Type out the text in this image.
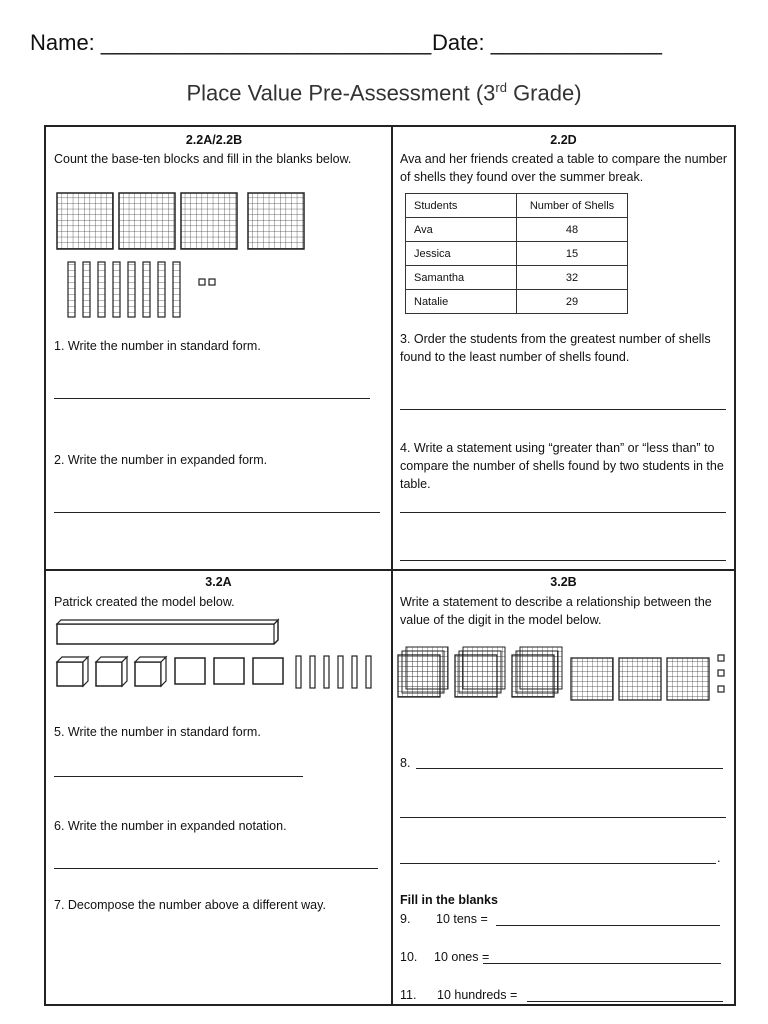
Name: ___________________________ Date: ______________
Place Value Pre-Assessment (3rd Grade)
2.2A/2.2B
Count the base-ten blocks and fill in the blanks below.
1. Write the number in standard form.
2. Write the number in expanded form.
2.2D
Ava and her friends created a table to compare the number of shells they found over the summer break.
Students	Number of Shells
Ava	48
Jessica	15
Samantha	32
Natalie	29
3. Order the students from the greatest number of shells found to the least number of shells found.
4. Write a statement using “greater than” or “less than” to compare the number of shells found by two students in the table.
3.2A
Patrick created the model below.
5. Write the number in standard form.
6. Write the number in expanded notation.
7. Decompose the number above a different way.
3.2B
Write a statement to describe a relationship between the value of the digit in the model below.
8.
.
Fill in the blanks
9.	10 tens =
10.	10 ones =
11.	10 hundreds =
